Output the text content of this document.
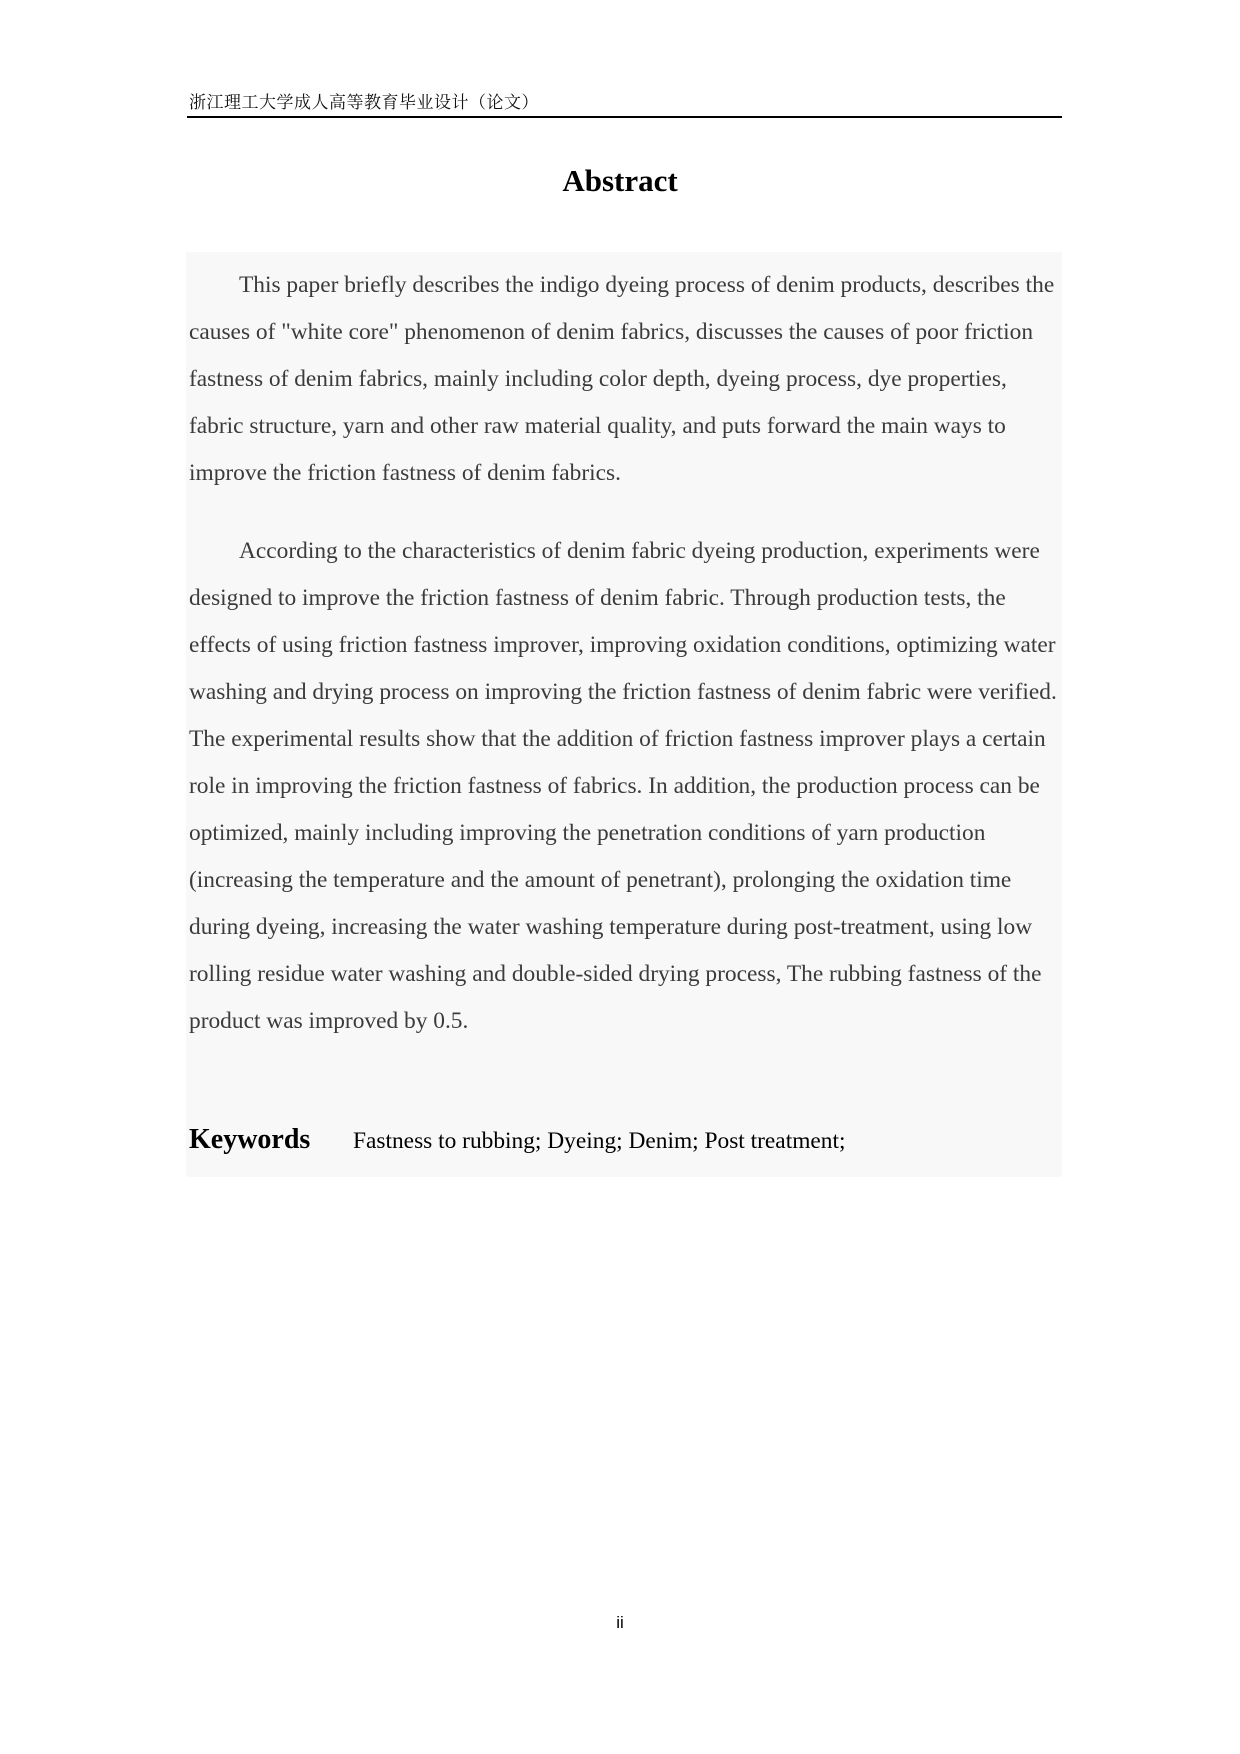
浙江理工大学成人高等教育毕业设计（论文）
Abstract

This paper briefly describes the indigo dyeing process of denim products, describes the causes of "white core" phenomenon of denim fabrics, discusses the causes of poor friction fastness of denim fabrics, mainly including color depth, dyeing process, dye properties, fabric structure, yarn and other raw material quality, and puts forward the main ways to improve the friction fastness of denim fabrics.

According to the characteristics of denim fabric dyeing production, experiments were designed to improve the friction fastness of denim fabric. Through production tests, the effects of using friction fastness improver, improving oxidation conditions, optimizing water washing and drying process on improving the friction fastness of denim fabric were verified. The experimental results show that the addition of friction fastness improver plays a certain role in improving the friction fastness of fabrics. In addition, the production process can be optimized, mainly including improving the penetration conditions of yarn production (increasing the temperature and the amount of penetrant), prolonging the oxidation time during dyeing, increasing the water washing temperature during post-treatment, using low rolling residue water washing and double-sided drying process, The rubbing fastness of the product was improved by 0.5.

Keywords Fastness to rubbing; Dyeing; Denim; Post treatment;
ii
